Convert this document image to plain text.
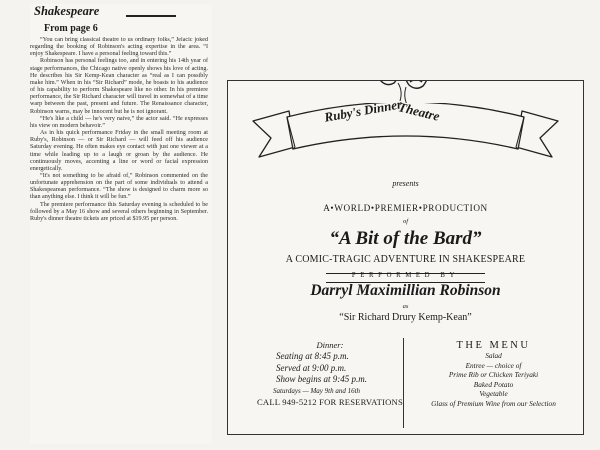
Shakespeare
From page 6

“You can bring classical theatre to us ordinary folks,” Jelacic joked regarding the booking of Robinson's acting expertise in the area. “I enjoy Shakespeare. I have a personal feeling toward this.”

Robinson has personal feelings too, and in entering his 14th year of stage performances, the Chicago native openly shows his love of acting. He describes his Sir Kemp-Kean character as “real as I can possibly make him.” When in his “Sir Richard” mode, he boasts to his audience of his capability to perform Shakespeare like no other. In his premiere performance, the Sir Richard character will travel in somewhat of a time warp between the past, present and future. The Renaissance character, Robinson warns, may be innocent but he is not ignorant.

“He's like a child — he's very naive,” the actor said. “He expresses his view on modern behavoir.”

As in his quick performance Friday in the small meeting room at Ruby's, Robinson — or Sir Richard — will feed off his audience Saturday evening. He often makes eye contact with just one viewer at a time while leading up to a laugh or groan by the audience. He continuously moves, accenting a line or word or facial expression energetically.

“It's not something to be afraid of,” Robinson commented on the unfortunate apprehension on the part of some individuals to attend a Shakespearean performance. “The show is designed to charm more so than anything else. I think it will be fun.”

The premiere performance this Saturday evening is scheduled to be followed by a May 16 show and several others beginning in September. Ruby's dinner theatre tickets are priced at $19.95 per person.

Ruby's Dinner
Theatre
presents
A•WORLD•PREMIER•PRODUCTION
of
“A Bit of the Bard”
A COMIC-TRAGIC ADVENTURE IN SHAKESPEARE
PERFORMED BY
Darryl Maximillian Robinson
as
“Sir Richard Drury Kemp-Kean”
Dinner:
Seating at 8:45 p.m.
Served at 9:00 p.m.
Show begins at 9:45 p.m.
Saturdays — May 9th and 16th
CALL 949-5212 FOR RESERVATIONS
THE MENU
Salad
Entree — choice of
Prime Rib or Chicken Teriyaki
Baked Potato
Vegetable
Glass of Premium Wine from our Selection
